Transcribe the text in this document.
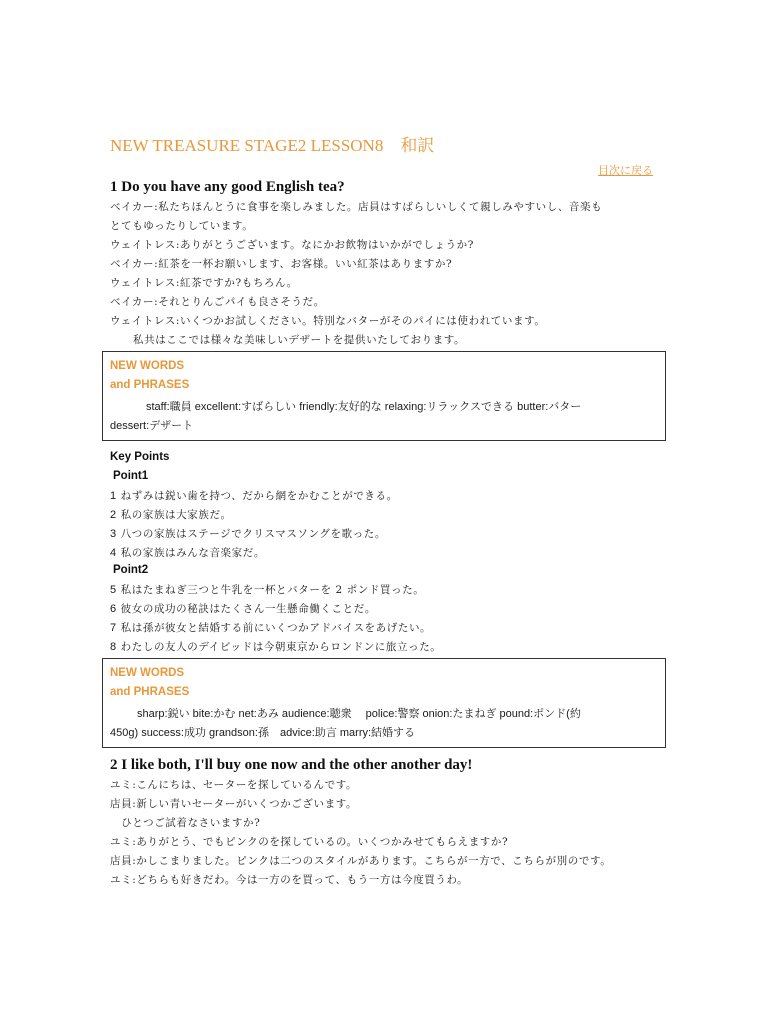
NEW TREASURE STAGE2 LESSON8　和訳
目次に戻る
1 Do you have any good English tea?
ベイカー:私たちほんとうに食事を楽しみました。店員はすばらしいしくて親しみやすいし、音楽も
とてもゆったりしています。
ウェイトレス:ありがとうございます。なにかお飲物はいかがでしょうか?
ベイカー:紅茶を一杯お願いします、お客様。いい紅茶はありますか?
ウェイトレス:紅茶ですか?もちろん。
ベイカー:それとりんごパイも良さそうだ。
ウェイトレス:いくつかお試しください。特別なバターがそのパイには使われています。
私共はここでは様々な美味しいデザートを提供いたしております。
NEW WORDS
and PHRASES
staff:職員 excellent:すばらしい friendly:友好的な relaxing:リラックスできる butter:バター
dessert:デザート
Key Points
Point1
1 ねずみは鋭い歯を持つ、だから網をかむことができる。
2 私の家族は大家族だ。
3 八つの家族はステージでクリスマスソングを歌った。
4 私の家族はみんな音楽家だ。
Point2
5 私はたまねぎ三つと牛乳を一杯とバターを 2 ポンド買った。
6 彼女の成功の秘訣はたくさん一生懸命働くことだ。
7 私は孫が彼女と結婚する前にいくつかアドバイスをあげたい。
8 わたしの友人のデイビッドは今朝東京からロンドンに旅立った。
NEW WORDS
and PHRASES
sharp:鋭い bite:かむ net:あみ audience:聴衆　 police:警察 onion:たまねぎ pound:ポンド(約
450g) success:成功 grandson:孫　advice:助言 marry:結婚する
2 I like both, I'll buy one now and the other another day!
ユミ:こんにちは、セーターを探しているんです。
店員:新しい青いセーターがいくつかございます。
　ひとつご試着なさいますか?
ユミ:ありがとう、でもピンクのを探しているの。いくつかみせてもらえますか?
店員:かしこまりました。ピンクは二つのスタイルがあります。こちらが一方で、こちらが別のです。
ユミ:どちらも好きだわ。今は一方のを買って、もう一方は今度買うわ。
